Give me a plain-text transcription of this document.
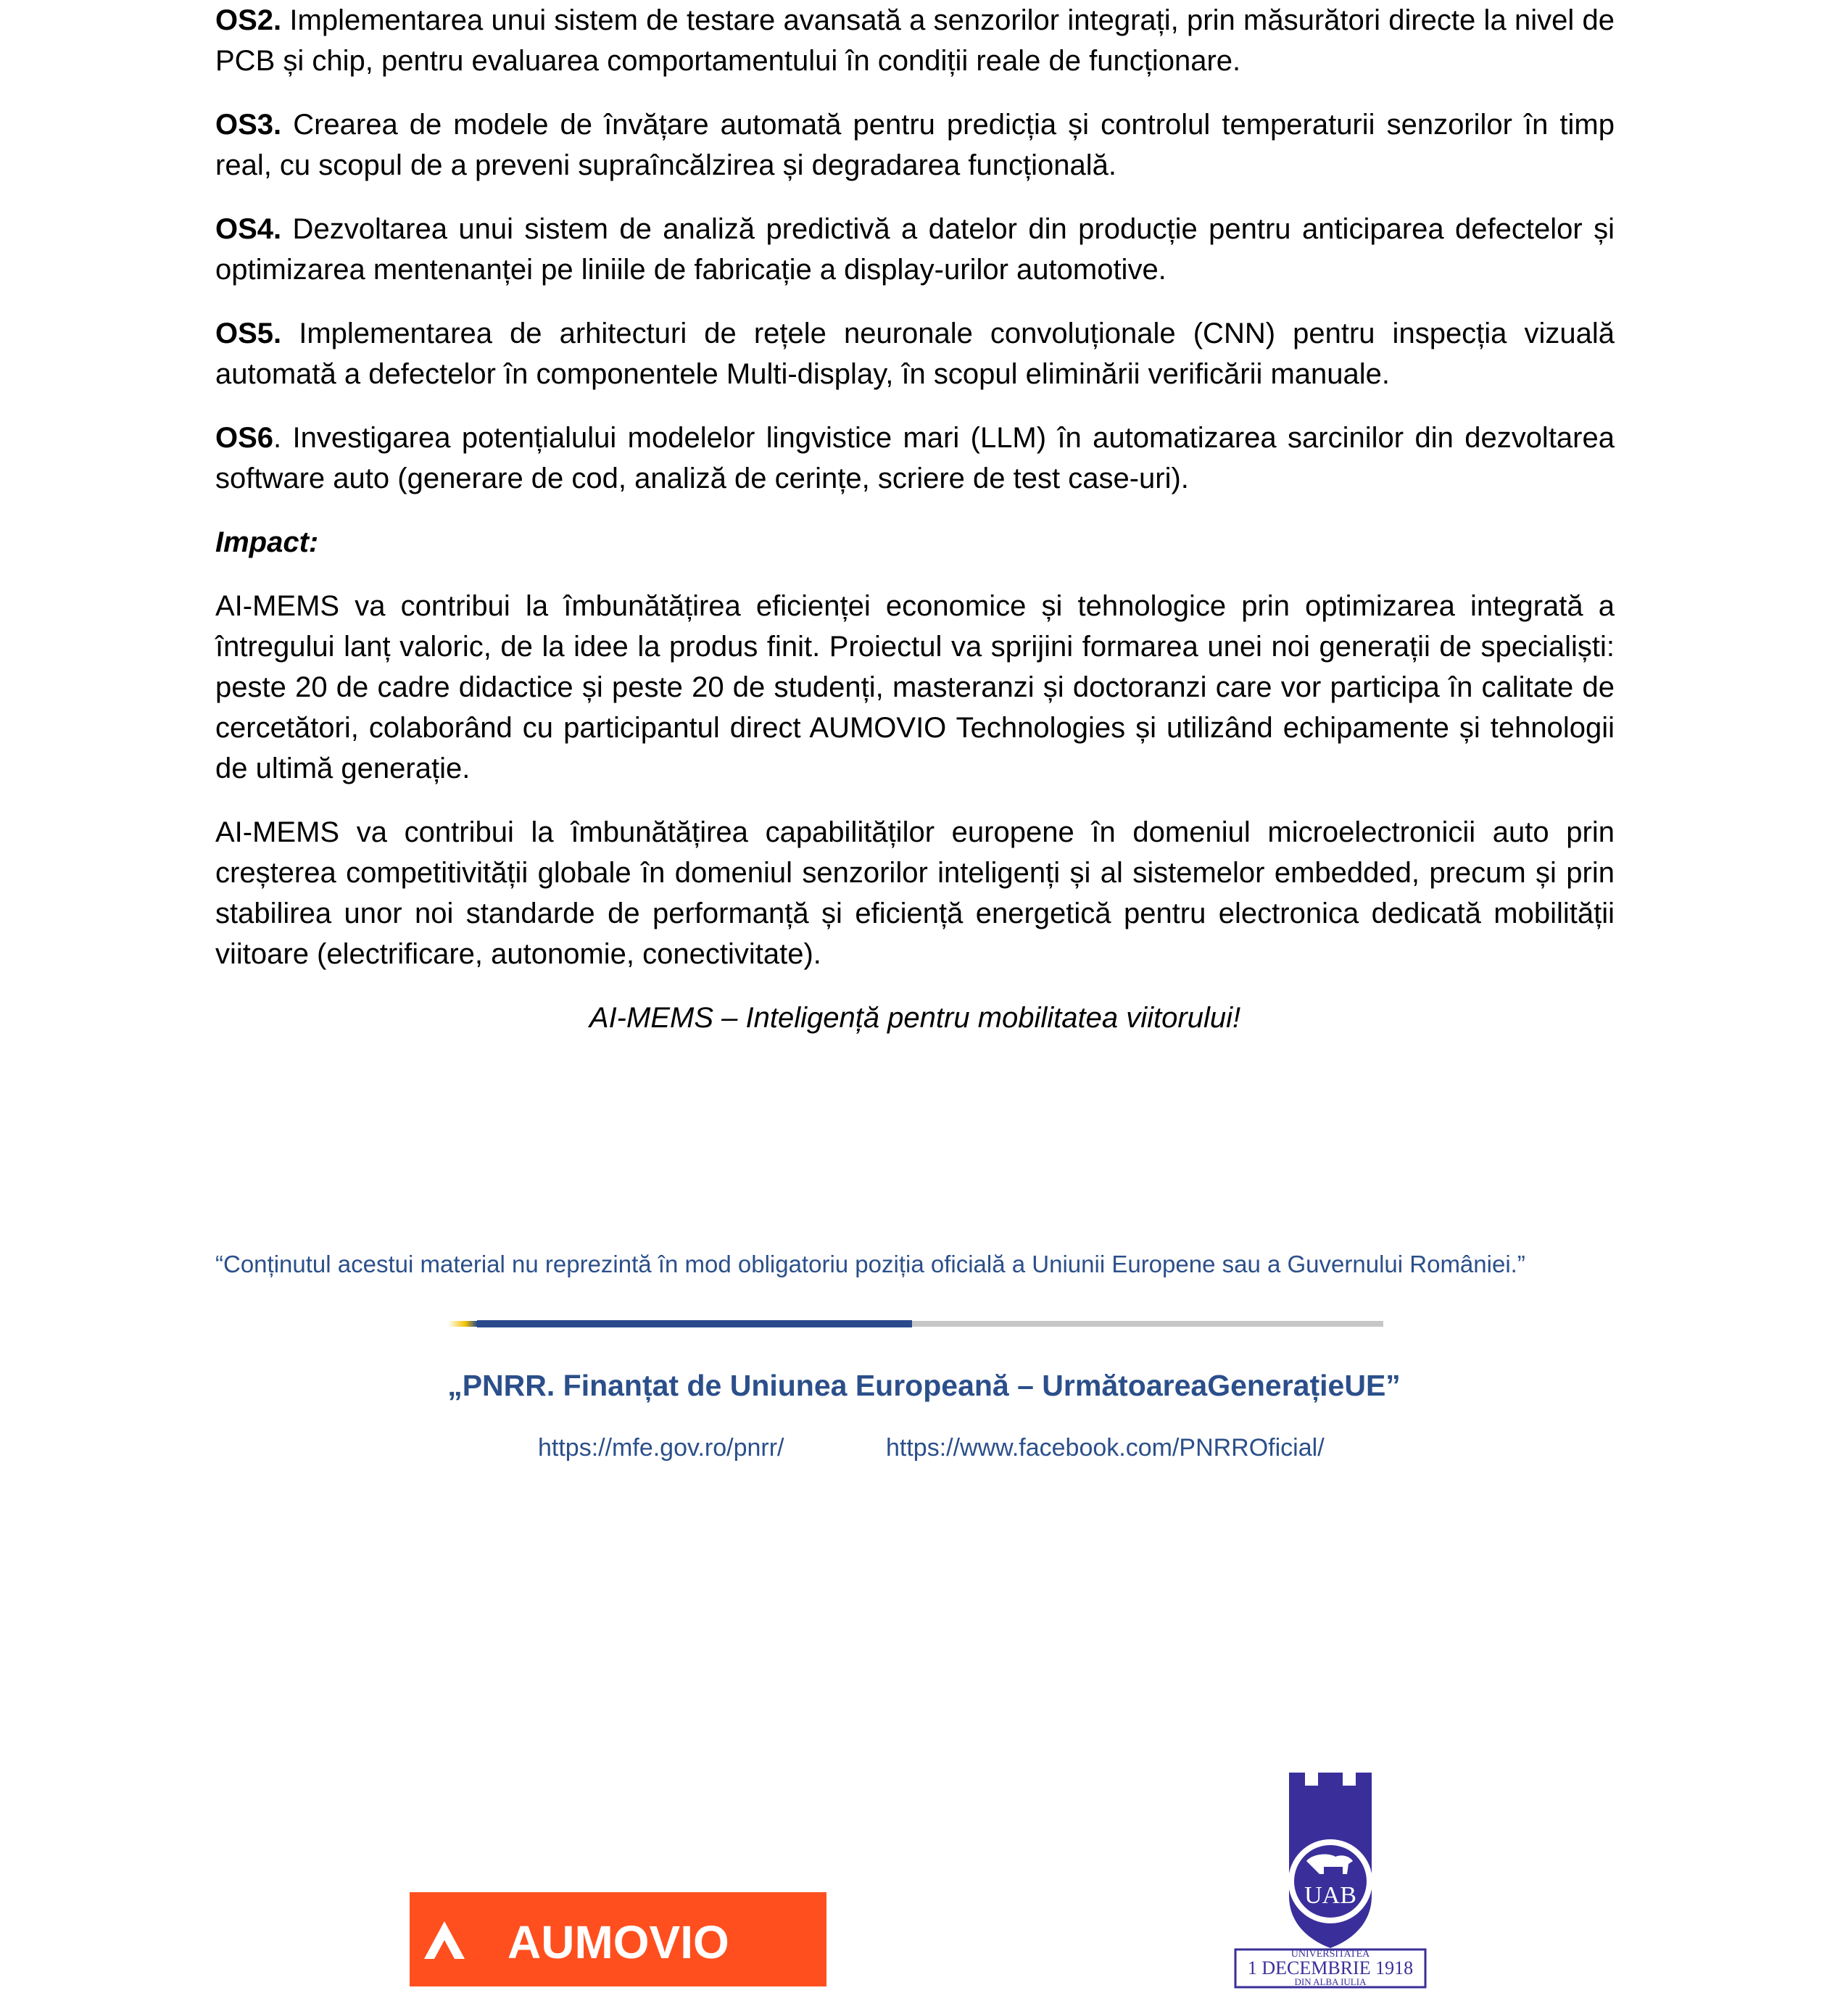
OS2. Implementarea unui sistem de testare avansată a senzorilor integrați, prin măsurători directe la nivel de PCB și chip, pentru evaluarea comportamentului în condiții reale de funcționare.

OS3. Crearea de modele de învățare automată pentru predicția și controlul temperaturii senzorilor în timp real, cu scopul de a preveni supraîncălzirea și degradarea funcțională.

OS4. Dezvoltarea unui sistem de analiză predictivă a datelor din producție pentru anticiparea defectelor și optimizarea mentenanței pe liniile de fabricație a display-urilor automotive.

OS5. Implementarea de arhitecturi de rețele neuronale convoluționale (CNN) pentru inspecția vizuală automată a defectelor în componentele Multi-display, în scopul eliminării verificării manuale.

OS6. Investigarea potențialului modelelor lingvistice mari (LLM) în automatizarea sarcinilor din dezvoltarea software auto (generare de cod, analiză de cerințe, scriere de test case-uri).

Impact:

AI-MEMS va contribui la îmbunătățirea eficienței economice și tehnologice prin optimizarea integrată a întregului lanț valoric, de la idee la produs finit. Proiectul va sprijini formarea unei noi generații de specialiști: peste 20 de cadre didactice și peste 20 de studenți, masteranzi și doctoranzi care vor participa în calitate de cercetători, colaborând cu participantul direct AUMOVIO Technologies și utilizând echipamente și tehnologii de ultimă generație.

AI-MEMS va contribui la îmbunătățirea capabilităților europene în domeniul microelectronicii auto prin creșterea competitivității globale în domeniul senzorilor inteligenți și al sistemelor embedded, precum și prin stabilirea unor noi standarde de performanță și eficiență energetică pentru electronica dedicată mobilității viitoare (electrificare, autonomie, conectivitate).

AI-MEMS – Inteligență pentru mobilitatea viitorului!

“Conținutul acestui material nu reprezintă în mod obligatoriu poziția oficială a Uniunii Europene sau a Guvernului României.”
„PNRR. Finanțat de Uniunea Europeană – UrmătoareaGenerațieUE”
https://mfe.gov.ro/pnrr/	https://www.facebook.com/PNRROficial/
AUMOVIO
UAB
UNIVERSITATEA
1 DECEMBRIE 1918
DIN ALBA IULIA
